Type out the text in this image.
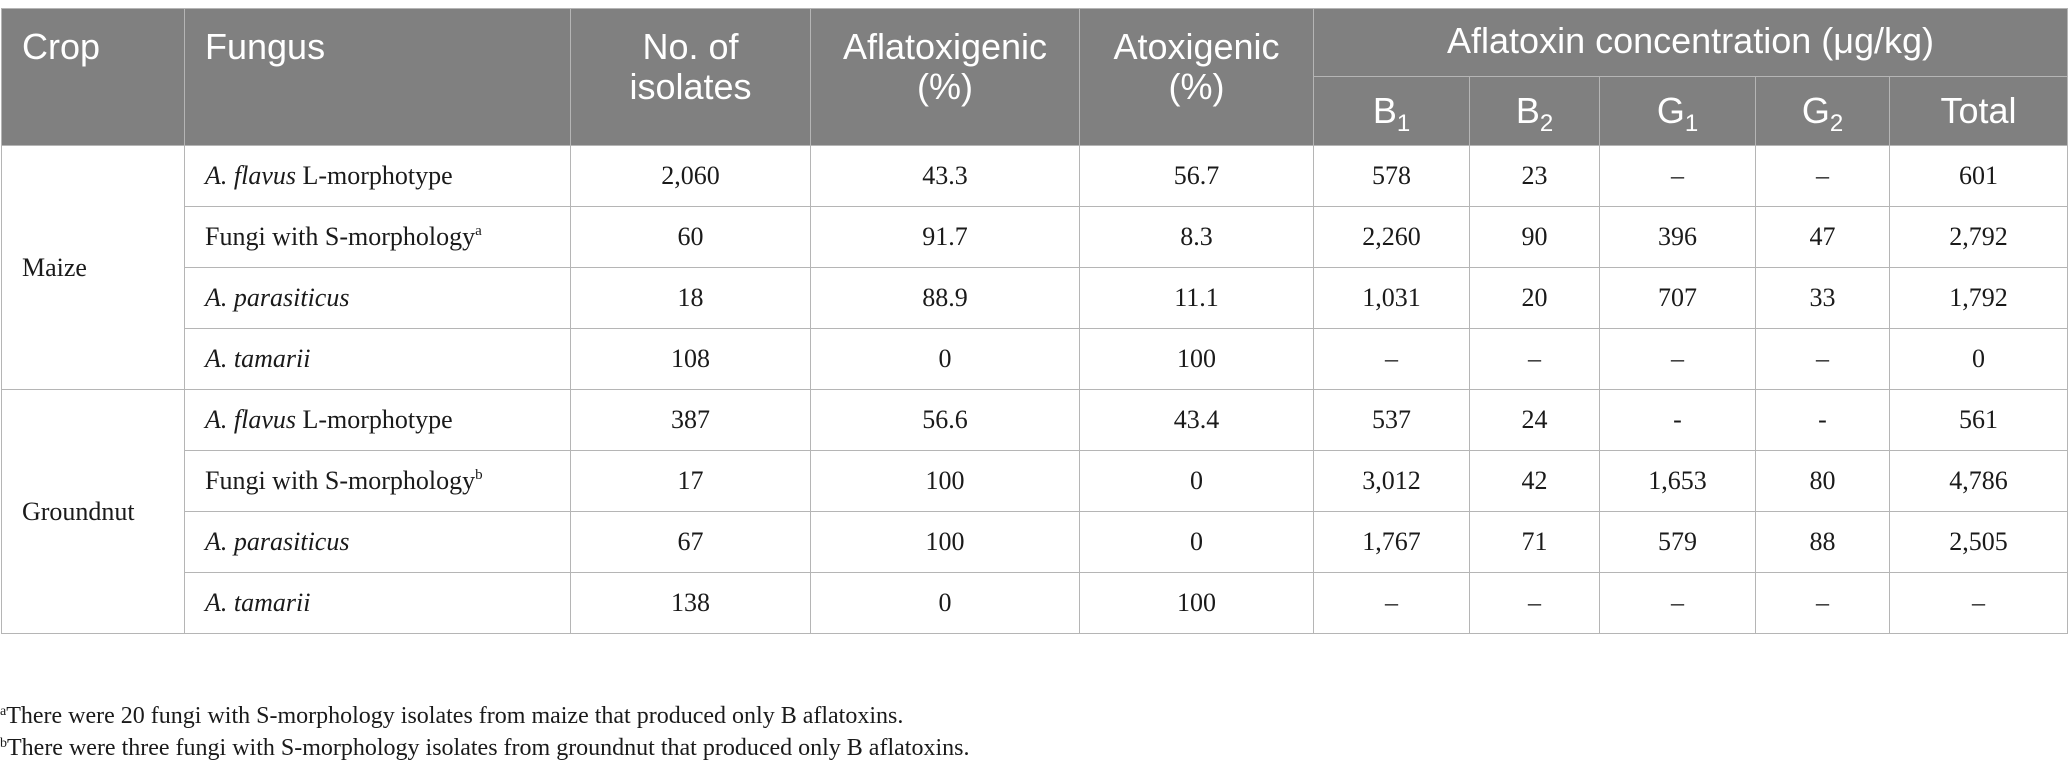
Crop	Fungus	No. of isolates	Aflatoxigenic (%)	Atoxigenic (%)	Aflatoxin concentration (μg/kg)				
					$B_1$	$B_2$	$G_1$	$G_2$	Total
Maize	A. flavus L-morphotype	2,060	43.3	56.7	578	23	–	–	601
	Fungi with S-morphology$^a$	60	91.7	8.3	2,260	90	396	47	2,792
	A. parasiticus	18	88.9	11.1	1,031	20	707	33	1,792
	A. tamarii	108	0	100	–	–	–	–	0
Groundnut	A. flavus L-morphotype	387	56.6	43.4	537	24	-	-	561
	Fungi with S-morphology$^b$	17	100	0	3,012	42	1,653	80	4,786
	A. parasiticus	67	100	0	1,767	71	579	88	2,505
	A. tamarii	138	0	100	–	–	–	–	–
$^a$There were 20 fungi with S-morphology isolates from maize that produced only B aflatoxins.
$^b$There were three fungi with S-morphology isolates from groundnut that produced only B aflatoxins.
